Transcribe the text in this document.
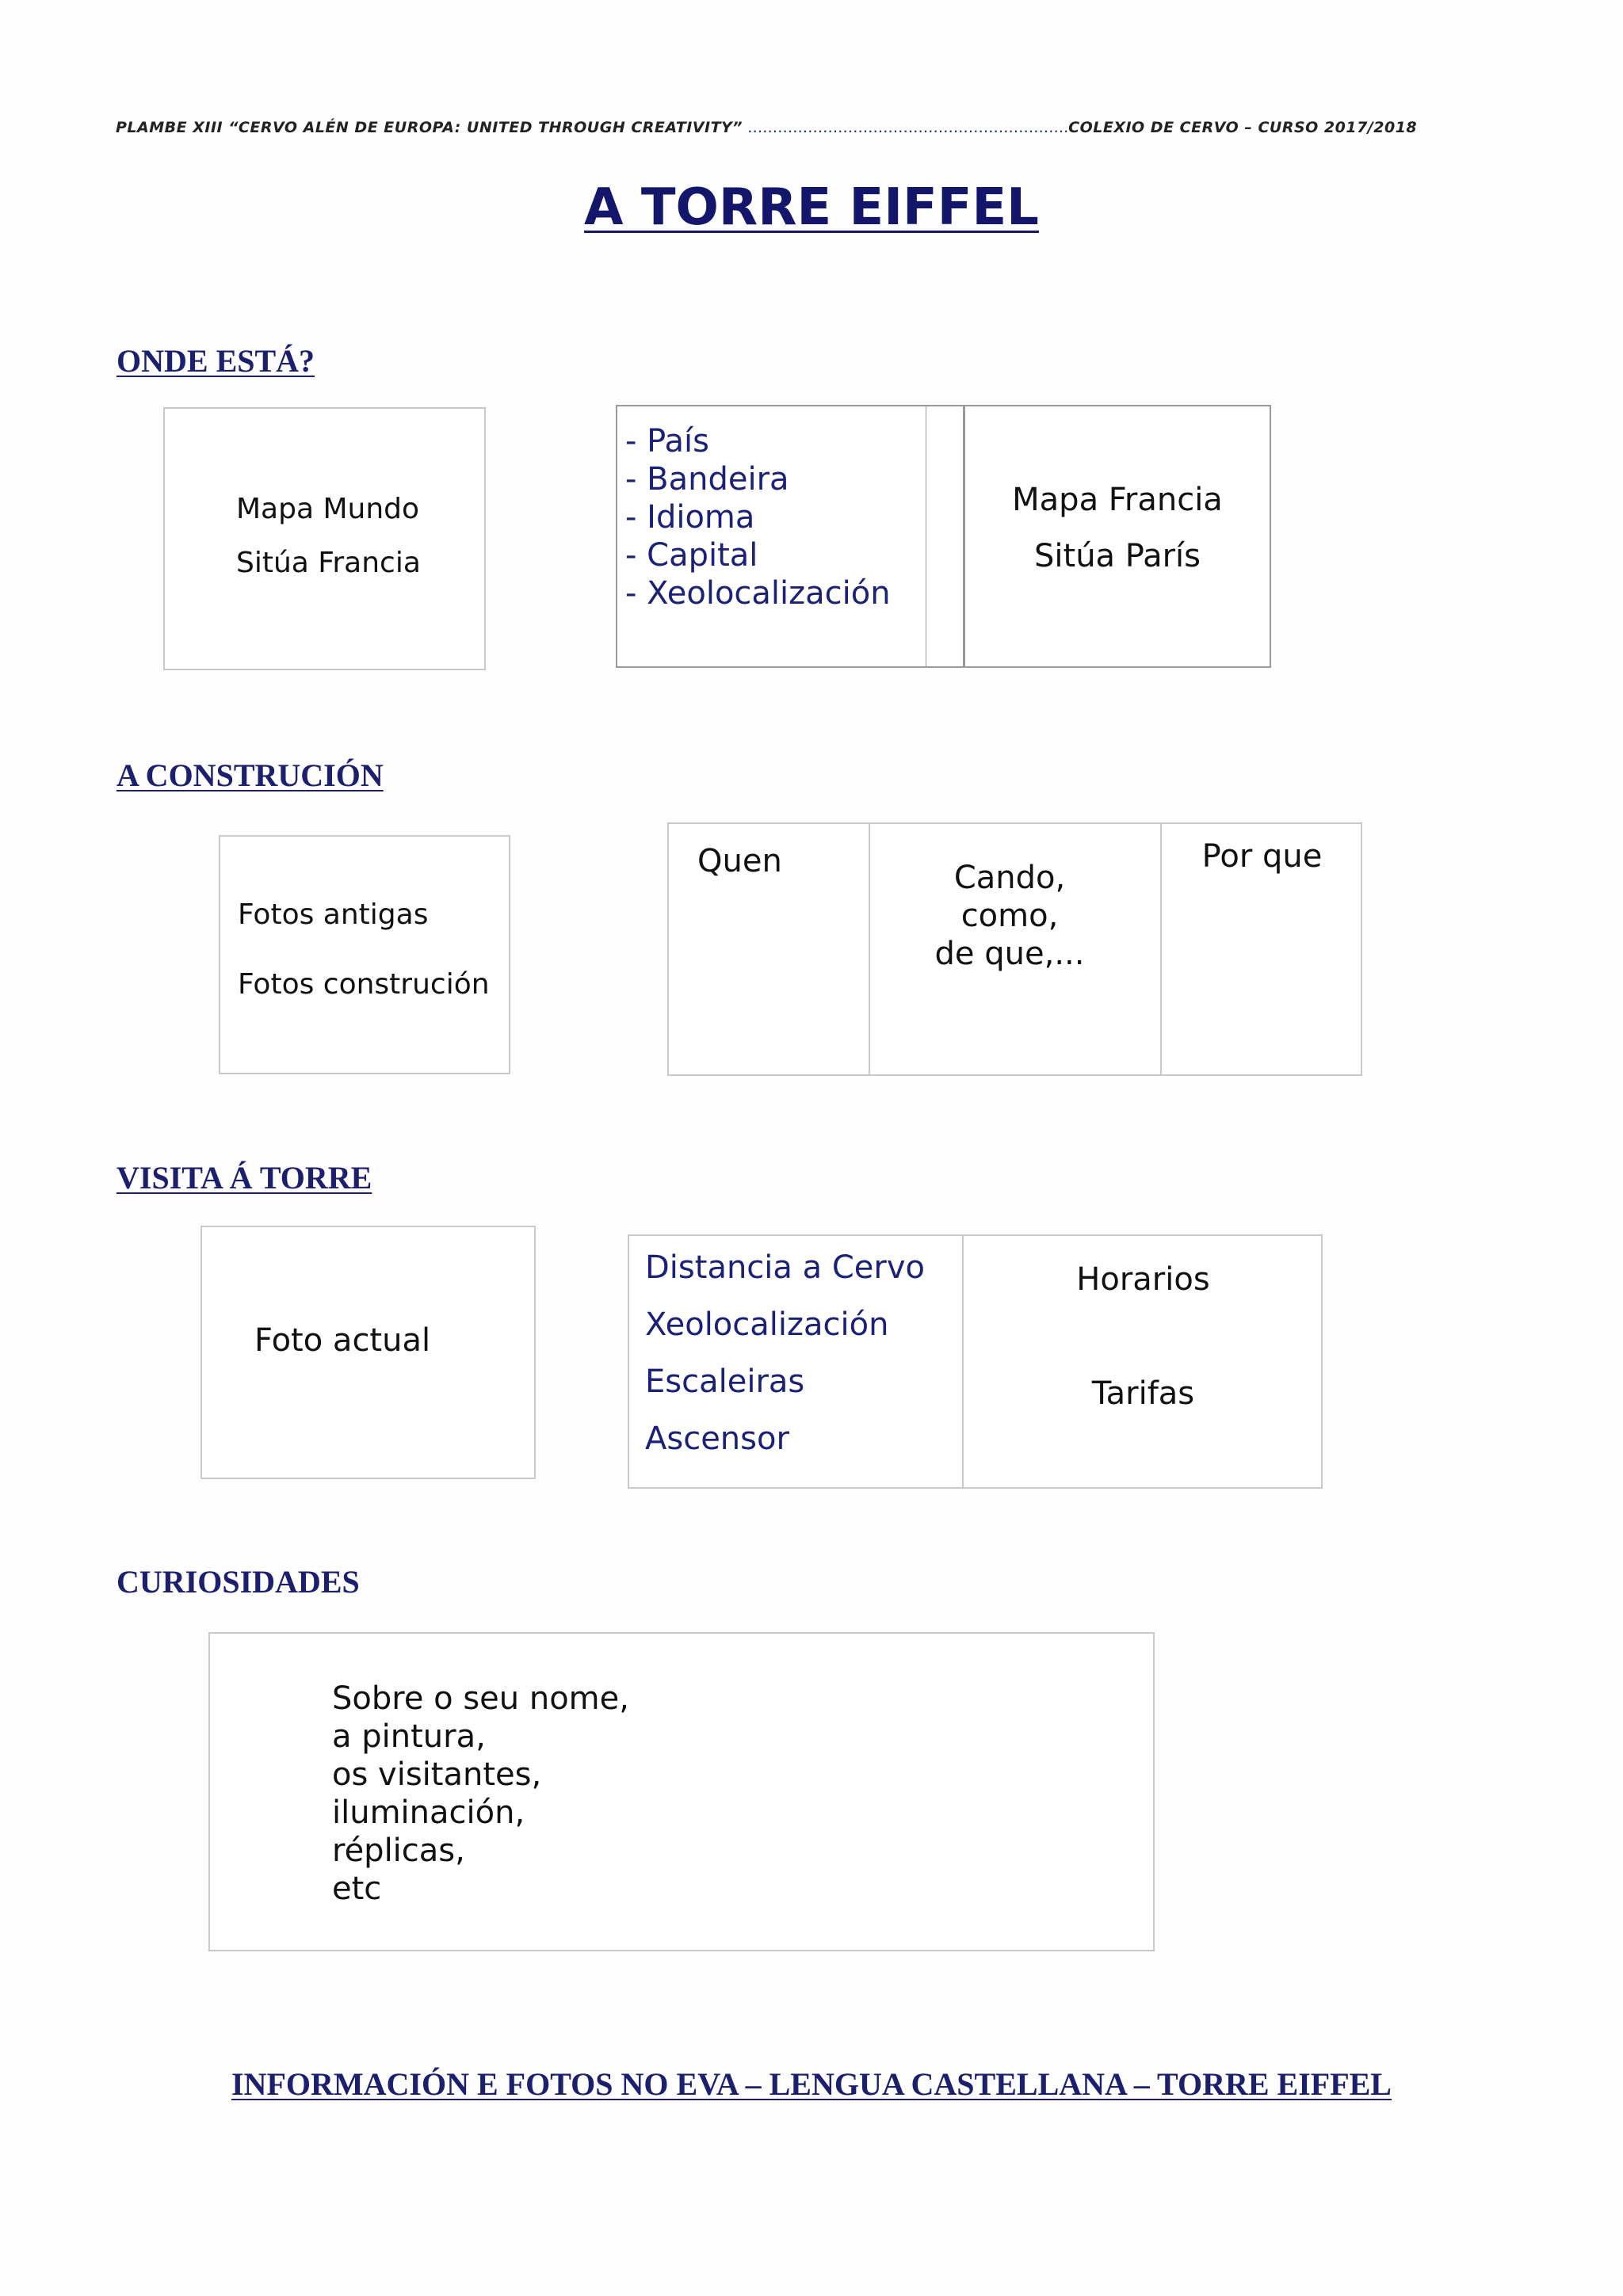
PLAMBE XIII “CERVO ALÉN DE EUROPA: UNITED THROUGH CREATIVITY” ……………………………………………………….COLEXIO DE CERVO – CURSO 2017/2018
A TORRE EIFFEL
ONDE ESTÁ?
Mapa Mundo
Sitúa Francia
- País
- Bandeira
- Idioma
- Capital
- Xeolocalización
Mapa Francia
Sitúa París
A CONSTRUCIÓN
Fotos antigas
Fotos construción
Quen	Cando,
como,
de que,...
Por que
VISITA Á TORRE
Foto actual
Distancia a Cervo
Xeolocalización
Escaleiras
Ascensor
Horarios
Tarifas
CURIOSIDADES
Sobre o seu nome,
a pintura,
os visitantes,
iluminación,
réplicas,
etc
INFORMACIÓN E FOTOS NO EVA – LENGUA CASTELLANA – TORRE EIFFEL
